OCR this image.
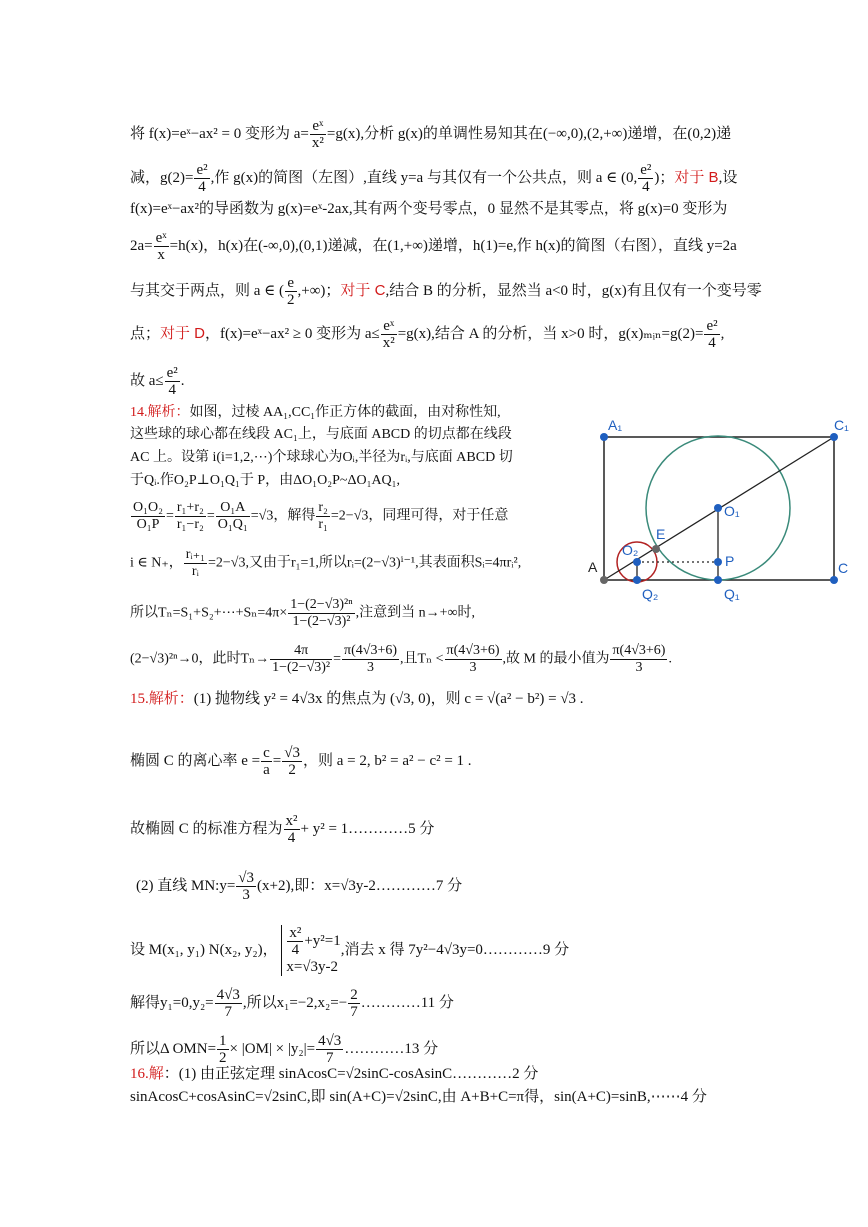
将 f(x)=eˣ−ax² = 0 变形为 $a= \frac{\text{eˣ}}{\text{x²}} =g(x)$,分析 g(x)的单调性易知其在(−∞,0),(2,+∞)递增，在(0,2)递
减，$g(2)= \frac{\text{e²}}{4}$ ,作 g(x)的简图（左图）,直线 y=a 与其仅有一个公共点，则 a ∈ (0, $\frac{\text{e²}}{4}$ )；对于 B,设
f(x)=eˣ−ax²的导函数为 g(x)=eˣ-2ax,其有两个变号零点，0 显然不是其零点，将 g(x)=0 变形为
$2a= \frac{\text{eˣ}}{x} =h(x)$，h(x)在(-∞,0),(0,1)递减，在(1,+∞)递增，h(1)=e,作 h(x)的简图（右图），直线 y=2a
与其交于两点，则 a ∈ ( $\frac{e}{2}$ ,+∞)；对于 C,结合 B 的分析，显然当 a<0 时，g(x)有且仅有一个变号零
点；对于 D，f(x)=eˣ−ax² ≥ 0 变形为 $a\le \frac{\text{eˣ}}{\text{x²}} =g(x)$,结合 A 的分析，当 x>0 时，g(x)ₘᵢₙ=g(2)= $\frac{\text{e²}}{4}$ ,
故 $a\le \frac{\text{e²}}{4}$ .
14.解析：如图，过棱 AA₁,CC₁作正方体的截面，由对称性知,
这些球的球心都在线段 AC₁上，与底面 ABCD 的切点都在线段
AC 上。设第 i(i=1,2,⋯)个球球心为Oᵢ,半径为rᵢ,与底面 ABCD 切
于Qᵢ.作O₂P⊥O₁Q₁于 P，由ΔO₁O₂P~ΔO₁AQ₁,
$\frac{\text{O₁O₂}}{\text{O₁P}} = \frac{\text{r₁+r₂}}{\text{r₁−r₂}} = \frac{\text{O₁A}}{\text{O₁Q₁}} =√3$，解得 $\frac{\text{r₂}}{\text{r₁}} =2-√3$，同理可得，对于任意
i ∈ N₊， $\frac{\text{rᵢ₊₁}}{\text{rᵢ}} =2-√3$,又由于r₁=1,所以rᵢ=(2−√3)ⁱ⁻¹,其表面积Sᵢ=4πrᵢ²,
所以Tₙ=S₁+S₂+⋯+Sₙ=4π× $\frac{\text{1−(2−√3)²ⁿ}}{\text{1−(2−√3)²}}$ ,注意到当 n→+∞时,
(2−√3)²ⁿ→0，此时$T_n\to \frac{4\pi}{\text{1−(2−√3)²}} = \frac{\pi(4√3+6)}{3}$ ,且$T_n < \frac{\pi(4√3+6)}{3}$ ,故 M 的最小值为 $\frac{\pi(4√3+6)}{3}$ .
A₁	C₁
O₁
E
O₂
P
A	C
Q₂	Q₁
15.解析：(1) 抛物线 y² = 4√3x 的焦点为 (√3, 0)，则 c = √(a² − b²) = √3 .
椭圆 C 的离心率 $e = \frac{c}{a} = \frac{√3}{2}$ ，则 a = 2, b² = a² − c² = 1 .
故椭圆 C 的标准方程为 $\frac{\text{x²}}{4} + y^2$ = 1…………5 分
(2) 直线 MN:y= $\frac{√3}{3} (x+2)$,即：x=√3y-2…………7 分
设 M(x₁, y₁) N(x₂, y₂)， $\frac{\text{x²}}{4} +y^2=1$
x=√3y-2
,消去 x 得 7y²−4√3y=0…………9 分
解得$y_1=0,y_2= \frac{4√3}{7}$ ,所以$x_1=-2,x_2=- \frac{2}{7}$ …………11 分
所以Δ $OMN= \frac{1}{2} \times |OM| \times |y_2|= \frac{4√3}{7}$ …………13 分
16.解：(1) 由正弦定理 sinAcosC=√2sinC-cosAsinC…………2 分
sinAcosC+cosAsinC=√2sinC,即 sin(A+C)=√2sinC,由 A+B+C=π得，sin(A+C)=sinB,⋯⋯4 分
